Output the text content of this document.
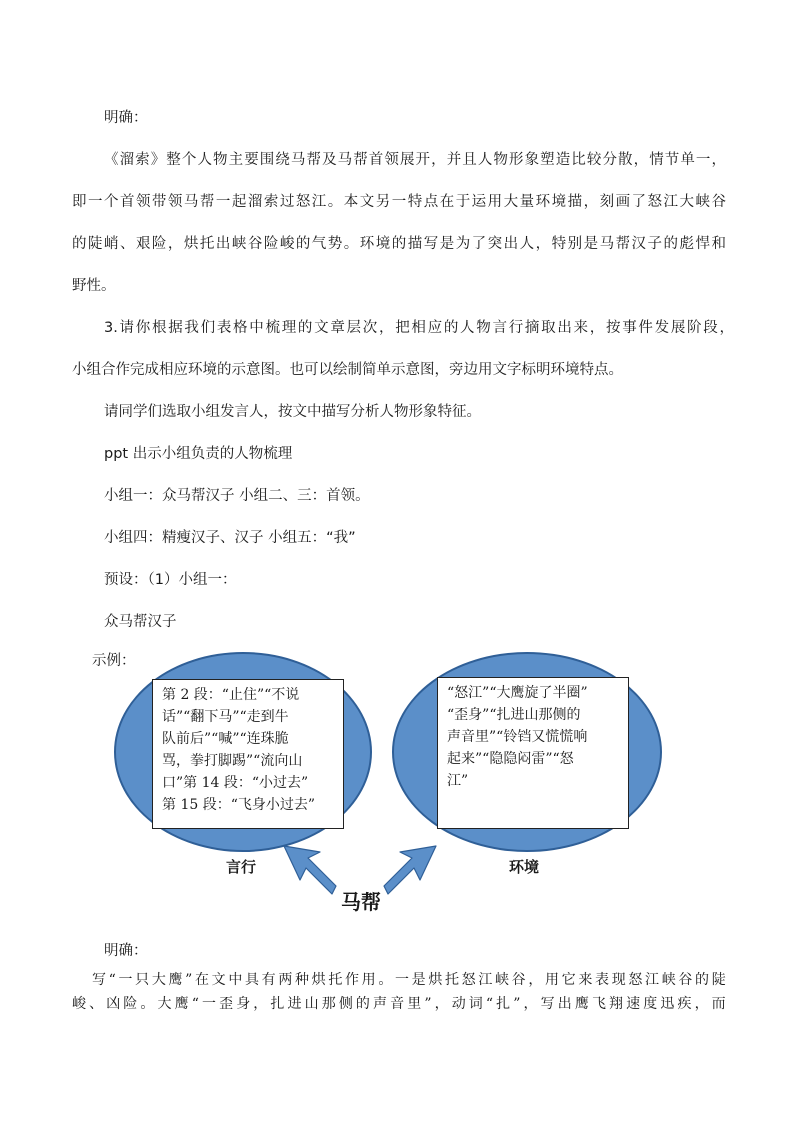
明确：
《溜索》整个人物主要围绕马帮及马帮首领展开，并且人物形象塑造比较分散，情节单一，
即一个首领带领马帮一起溜索过怒江。本文另一特点在于运用大量环境描，刻画了怒江大峡谷
的陡峭、艰险，烘托出峡谷险峻的气势。环境的描写是为了突出人，特别是马帮汉子的彪悍和
野性。
3.请你根据我们表格中梳理的文章层次，把相应的人物言行摘取出来，按事件发展阶段，
小组合作完成相应环境的示意图。也可以绘制简单示意图，旁边用文字标明环境特点。
请同学们选取小组发言人，按文中描写分析人物形象特征。
ppt 出示小组负责的人物梳理
小组一：众马帮汉子 小组二、三：首领。
小组四：精瘦汉子、汉子 小组五：“我”
预设：（1）小组一：
众马帮汉子
示例：
第 2 段：“止住”“不说
话”“翻下马”“走到牛
队前后”“喊”“连珠脆
骂，拳打脚踢”“流向山
口”第 14 段：“小过去”
第 15 段：“飞身小过去”
“怒江”“大鹰旋了半圈”
“歪身”“扎进山那侧的
声音里”“铃铛又慌慌响
起来”“隐隐闷雷”“怒
江”
言行	环境
马帮
明确：
写“一只大鹰”在文中具有两种烘托作用。一是烘托怒江峡谷，用它来表现怒江峡谷的陡
峻、凶险。大鹰“一歪身，扎进山那侧的声音里”，动词“扎”，写出鹰飞翔速度迅疾，而
